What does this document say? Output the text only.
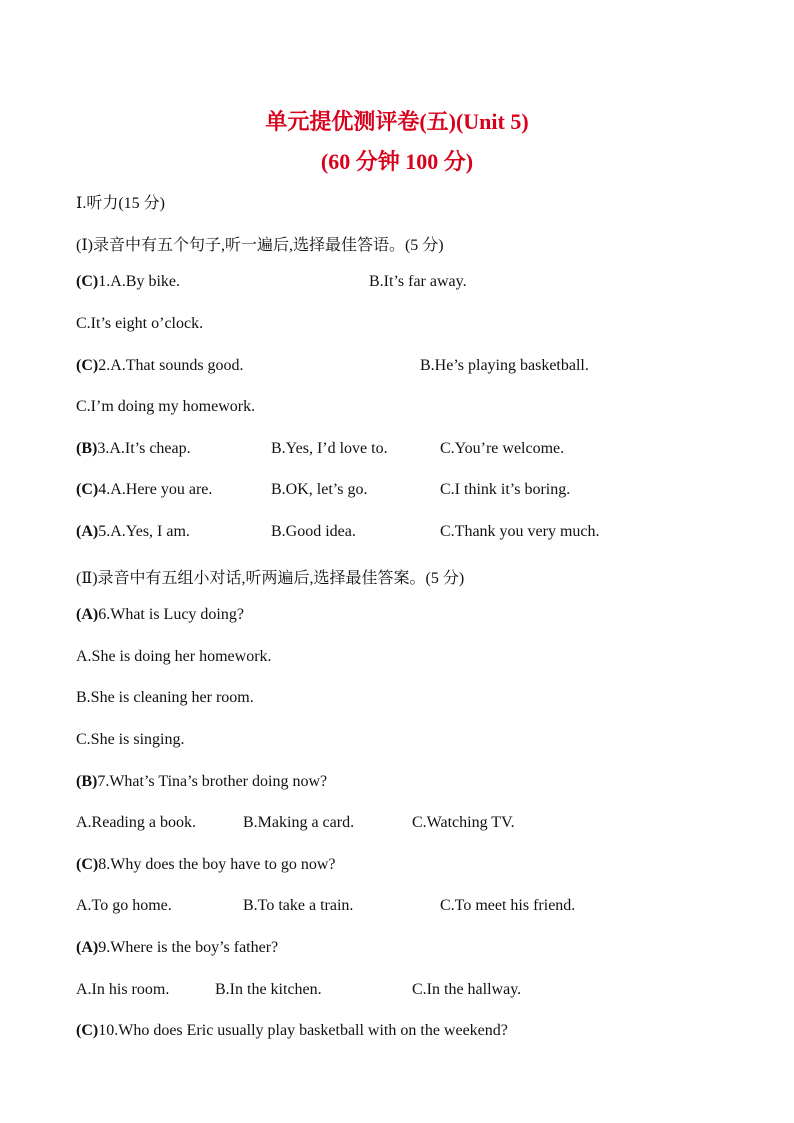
单元提优测评卷(五)(Unit 5)
(60 分钟 100 分)
Ⅰ.听力(15 分)
(Ⅰ)录音中有五个句子,听一遍后,选择最佳答语。(5 分)
(C)1.A.By bike.	B.It’s far away.
C.It’s eight o’clock.
(C)2.A.That sounds good.	B.He’s playing basketball.
C.I’m doing my homework.
(B)3.A.It’s cheap.	B.Yes, I’d love to.	C.You’re welcome.
(C)4.A.Here you are.	B.OK, let’s go.	C.I think it’s boring.
(A)5.A.Yes, I am.	B.Good idea.	C.Thank you very much.
(Ⅱ)录音中有五组小对话,听两遍后,选择最佳答案。(5 分)
(A)6.What is Lucy doing?
A.She is doing her homework.
B.She is cleaning her room.
C.She is singing.
(B)7.What’s Tina’s brother doing now?
A.Reading a book.	B.Making a card.	C.Watching TV.
(C)8.Why does the boy have to go now?
A.To go home.	B.To take a train.	C.To meet his friend.
(A)9.Where is the boy’s father?
A.In his room.	B.In the kitchen.	C.In the hallway.
(C)10.Who does Eric usually play basketball with on the weekend?
